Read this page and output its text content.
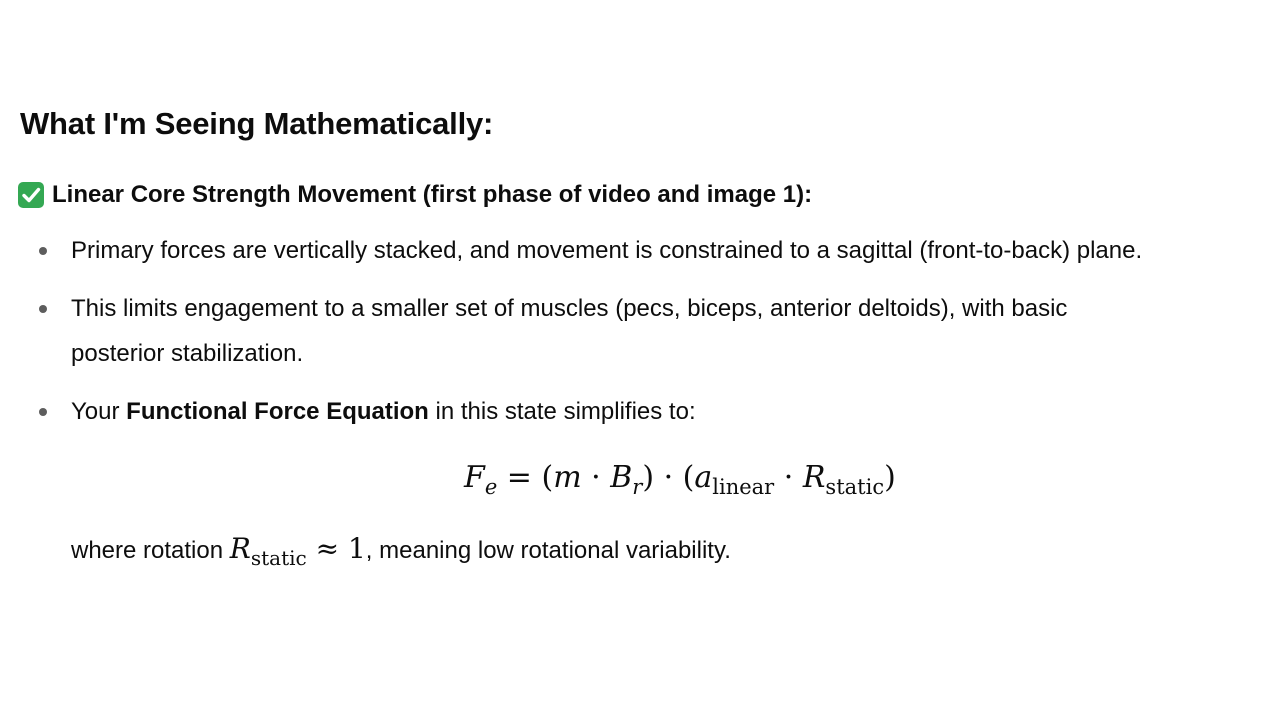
What I'm Seeing Mathematically:
Linear Core Strength Movement (first phase of video and image 1):
Primary forces are vertically stacked, and movement is constrained to a sagittal (front-to-back) plane.
This limits engagement to a smaller set of muscles (pecs, biceps, anterior deltoids), with basic
posterior stabilization.
Your Functional Force Equation in this state simplifies to:
$F_e = (m \cdot B_r) \cdot (a_{linear} \cdot R_{static})$

where rotation $R_{static} \approx 1$, meaning low rotational variability.
